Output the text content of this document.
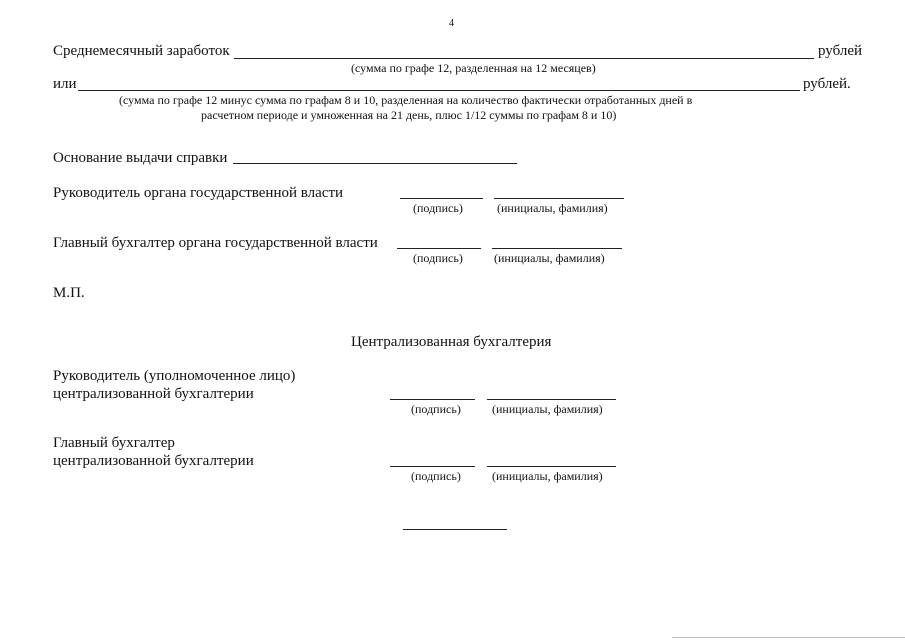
4
Среднемесячный заработок	рублей
(сумма по графе 12, разделенная на 12 месяцев)
или	рублей.
(сумма по графе 12 минус сумма по графам 8 и 10, разделенная на количество фактически отработанных дней в
расчетном периоде и умноженная на 21 день, плюс 1/12 суммы по графам 8 и 10)
Основание выдачи справки
Руководитель органа государственной власти
(подпись)	(инициалы, фамилия)
Главный бухгалтер органа государственной власти
(подпись)	(инициалы, фамилия)
М.П.
Централизованная бухгалтерия
Руководитель (уполномоченное лицо)
централизованной бухгалтерии
(подпись)	(инициалы, фамилия)
Главный бухгалтер
централизованной бухгалтерии
(подпись)	(инициалы, фамилия)
